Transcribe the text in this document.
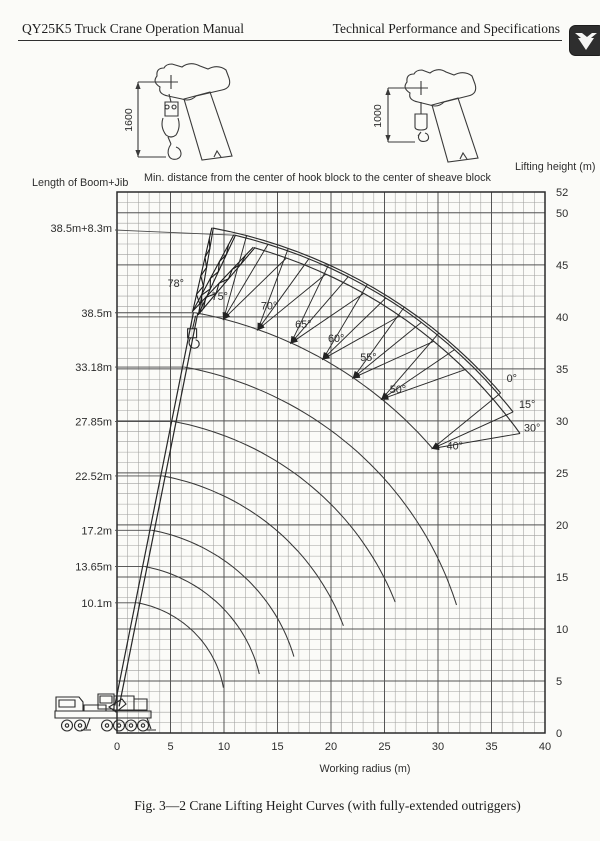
QY25K5 Truck Crane Operation Manual	Technical Performance and Specifications
1600	1000
Min. distance from the center of hook block to the center of sheave block
Lifting height (m)
Length of Boom+Jib
Working radius (m)
38.5m+8.3m
38.5m
33.18m
27.85m
22.52m
17.2m
13.65m
10.1m
75°
70°
65°
60°
55°
50°
40°
78°
0°
15°
30°
0	5	10	15	20	25	30	35	40
0
5
10
15
20
25
30
35
40
45
50
52
Fig. 3—2 Crane Lifting Height Curves (with fully-extended outriggers)
